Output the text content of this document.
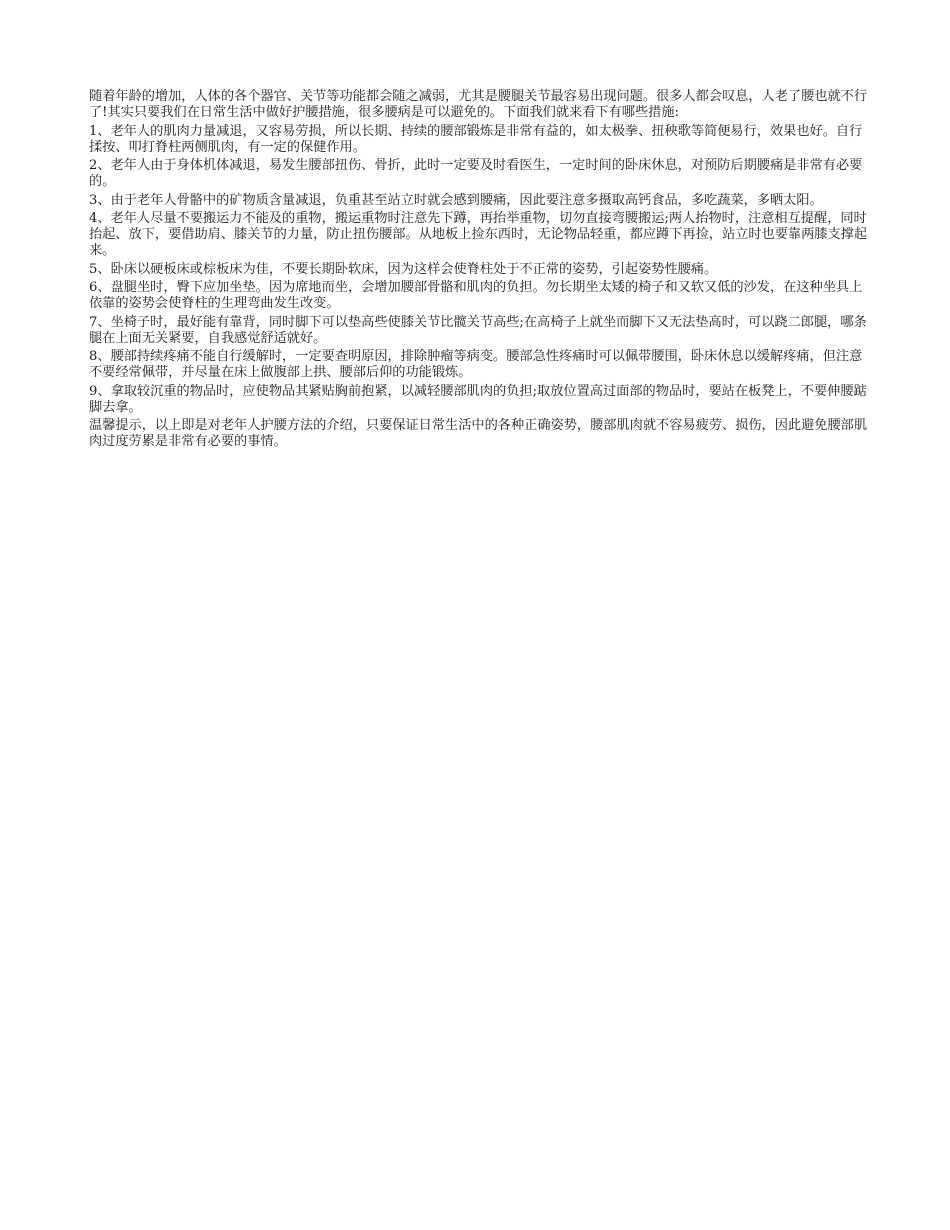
随着年龄的增加，人体的各个器官、关节等功能都会随之减弱，尤其是腰腿关节最容易出现问题。很多人都会叹息，人老了腰也就不行了!其实只要我们在日常生活中做好护腰措施，很多腰病是可以避免的。下面我们就来看下有哪些措施:

1、老年人的肌肉力量减退，又容易劳损，所以长期、持续的腰部锻炼是非常有益的，如太极拳、扭秧歌等简便易行，效果也好。自行揉按、叩打脊柱两侧肌肉，有一定的保健作用。

2、老年人由于身体机体减退，易发生腰部扭伤、骨折，此时一定要及时看医生，一定时间的卧床休息，对预防后期腰痛是非常有必要的。

3、由于老年人骨骼中的矿物质含量减退，负重甚至站立时就会感到腰痛，因此要注意多摄取高钙食品，多吃蔬菜，多晒太阳。

4、老年人尽量不要搬运力不能及的重物，搬运重物时注意先下蹲，再抬举重物，切勿直接弯腰搬运;两人抬物时，注意相互提醒，同时抬起、放下，要借助肩、膝关节的力量，防止扭伤腰部。从地板上捡东西时，无论物品轻重，都应蹲下再捡，站立时也要靠两膝支撑起来。

5、卧床以硬板床或棕板床为佳，不要长期卧软床，因为这样会使脊柱处于不正常的姿势，引起姿势性腰痛。

6、盘腿坐时，臀下应加坐垫。因为席地而坐，会增加腰部骨骼和肌肉的负担。勿长期坐太矮的椅子和又软又低的沙发，在这种坐具上依靠的姿势会使脊柱的生理弯曲发生改变。

7、坐椅子时，最好能有靠背，同时脚下可以垫高些使膝关节比髋关节高些;在高椅子上就坐而脚下又无法垫高时，可以跷二郎腿，哪条腿在上面无关紧要，自我感觉舒适就好。

8、腰部持续疼痛不能自行缓解时，一定要查明原因，排除肿瘤等病变。腰部急性疼痛时可以佩带腰围，卧床休息以缓解疼痛，但注意不要经常佩带，并尽量在床上做腹部上拱、腰部后仰的功能锻炼。

9、拿取较沉重的物品时，应使物品其紧贴胸前抱紧，以减轻腰部肌肉的负担;取放位置高过面部的物品时，要站在板凳上，不要伸腰踮脚去拿。

温馨提示，以上即是对老年人护腰方法的介绍，只要保证日常生活中的各种正确姿势，腰部肌肉就不容易疲劳、损伤，因此避免腰部肌肉过度劳累是非常有必要的事情。
